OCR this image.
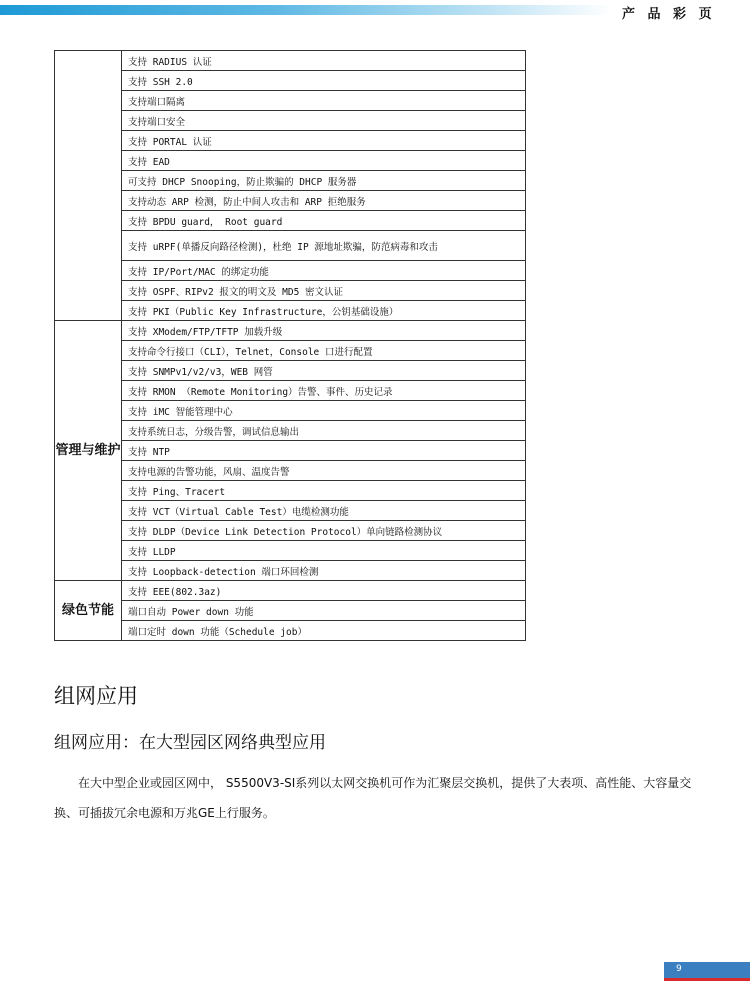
产 品 彩 页
	支持 RADIUS 认证
	支持 SSH 2.0
	支持端口隔离
	支持端口安全
	支持 PORTAL 认证
	支持 EAD
	可支持 DHCP Snooping，防止欺骗的 DHCP 服务器
	支持动态 ARP 检测，防止中间人攻击和 ARP 拒绝服务
	支持 BPDU guard， Root guard
	支持 uRPF(单播反向路径检测)，杜绝 IP 源地址欺骗，防范病毒和攻击
	支持 IP/Port/MAC 的绑定功能
	支持 OSPF、RIPv2 报文的明文及 MD5 密文认证
	支持 PKI（Public Key Infrastructure，公钥基础设施）
管理与维护	支持 XModem/FTP/TFTP 加载升级
	支持命令行接口（CLI），Telnet，Console 口进行配置
	支持 SNMPv1/v2/v3，WEB 网管
	支持 RMON （Remote Monitoring）告警、事件、历史记录
	支持 iMC 智能管理中心
	支持系统日志，分级告警，调试信息输出
	支持 NTP
	支持电源的告警功能，风扇、温度告警
	支持 Ping、Tracert
	支持 VCT（Virtual Cable Test）电缆检测功能
	支持 DLDP（Device Link Detection Protocol）单向链路检测协议
	支持 LLDP
	支持 Loopback-detection 端口环回检测
绿色节能	支持 EEE(802.3az)
	端口自动 Power down 功能
	端口定时 down 功能（Schedule job）
组网应用
组网应用：在大型园区网络典型应用

在大中型企业或园区网中， S5500V3-SI系列以太网交换机可作为汇聚层交换机，提供了大表项、高性能、大容量交换、可插拔冗余电源和万兆GE上行服务。

9
